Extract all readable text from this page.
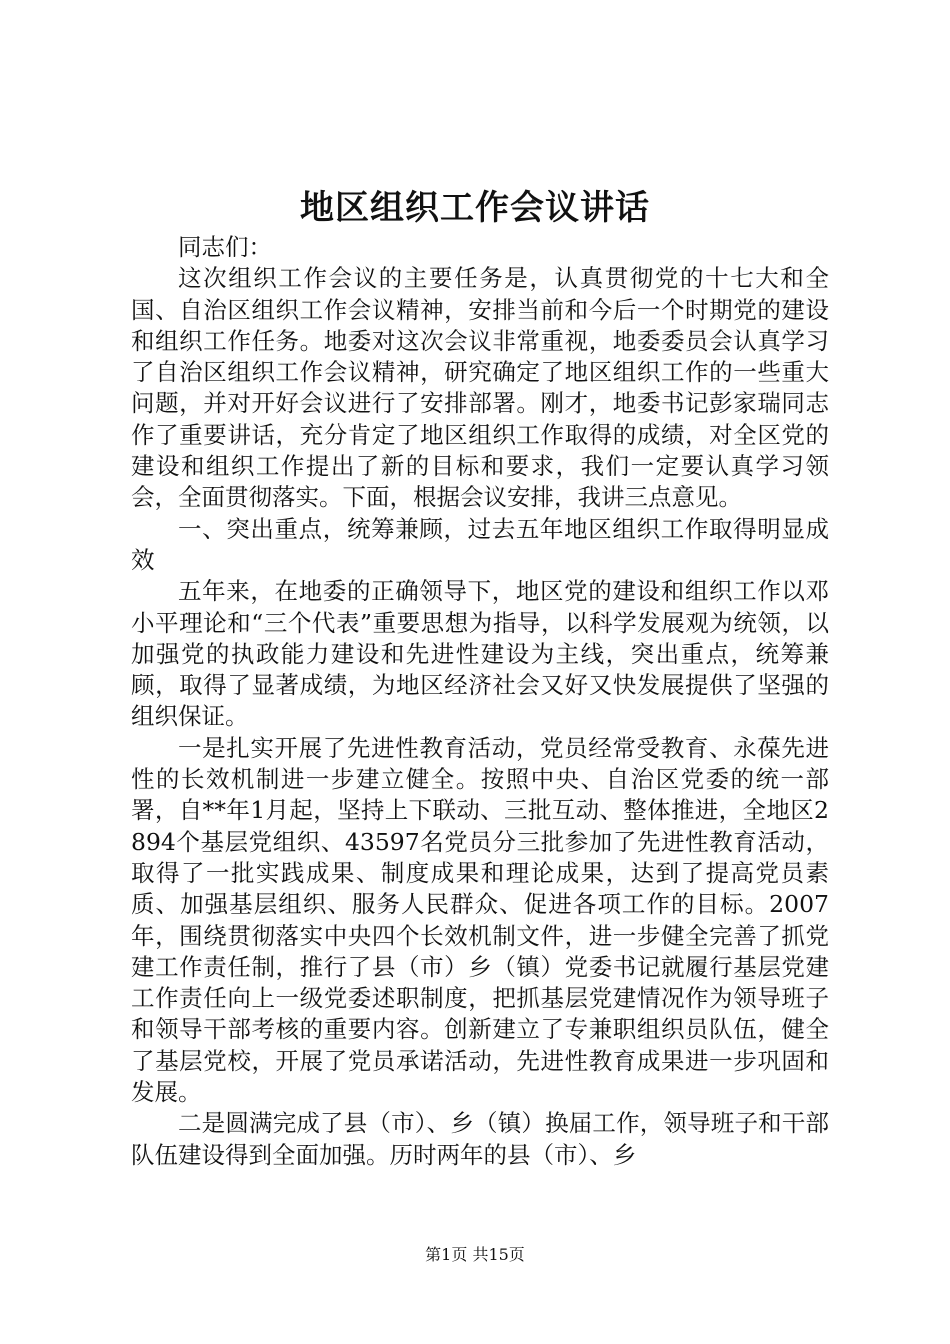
地区组织工作会议讲话

同志们：

这次组织工作会议的主要任务是，认真贯彻党的十七大和全国、自治区组织工作会议精神，安排当前和今后一个时期党的建设和组织工作任务。地委对这次会议非常重视，地委委员会认真学习了自治区组织工作会议精神，研究确定了地区组织工作的一些重大问题，并对开好会议进行了安排部署。刚才，地委书记彭家瑞同志作了重要讲话，充分肯定了地区组织工作取得的成绩，对全区党的建设和组织工作提出了新的目标和要求，我们一定要认真学习领会，全面贯彻落实。下面，根据会议安排，我讲三点意见。

一、突出重点，统筹兼顾，过去五年地区组织工作取得明显成效

五年来，在地委的正确领导下，地区党的建设和组织工作以邓小平理论和“三个代表”重要思想为指导，以科学发展观为统领，以加强党的执政能力建设和先进性建设为主线，突出重点，统筹兼顾，取得了显著成绩，为地区经济社会又好又快发展提供了坚强的组织保证。

一是扎实开展了先进性教育活动，党员经常受教育、永葆先进性的长效机制进一步建立健全。按照中央、自治区党委的统一部署，自**年1月起，坚持上下联动、三批互动、整体推进，全地区2894个基层党组织、43597名党员分三批参加了先进性教育活动，取得了一批实践成果、制度成果和理论成果，达到了提高党员素质、加强基层组织、服务人民群众、促进各项工作的目标。2007年，围绕贯彻落实中央四个长效机制文件，进一步健全完善了抓党建工作责任制，推行了县（市）乡（镇）党委书记就履行基层党建工作责任向上一级党委述职制度，把抓基层党建情况作为领导班子和领导干部考核的重要内容。创新建立了专兼职组织员队伍，健全了基层党校，开展了党员承诺活动，先进性教育成果进一步巩固和发展。

二是圆满完成了县（市）、乡（镇）换届工作，领导班子和干部队伍建设得到全面加强。历时两年的县（市）、乡

第1页 共15页
